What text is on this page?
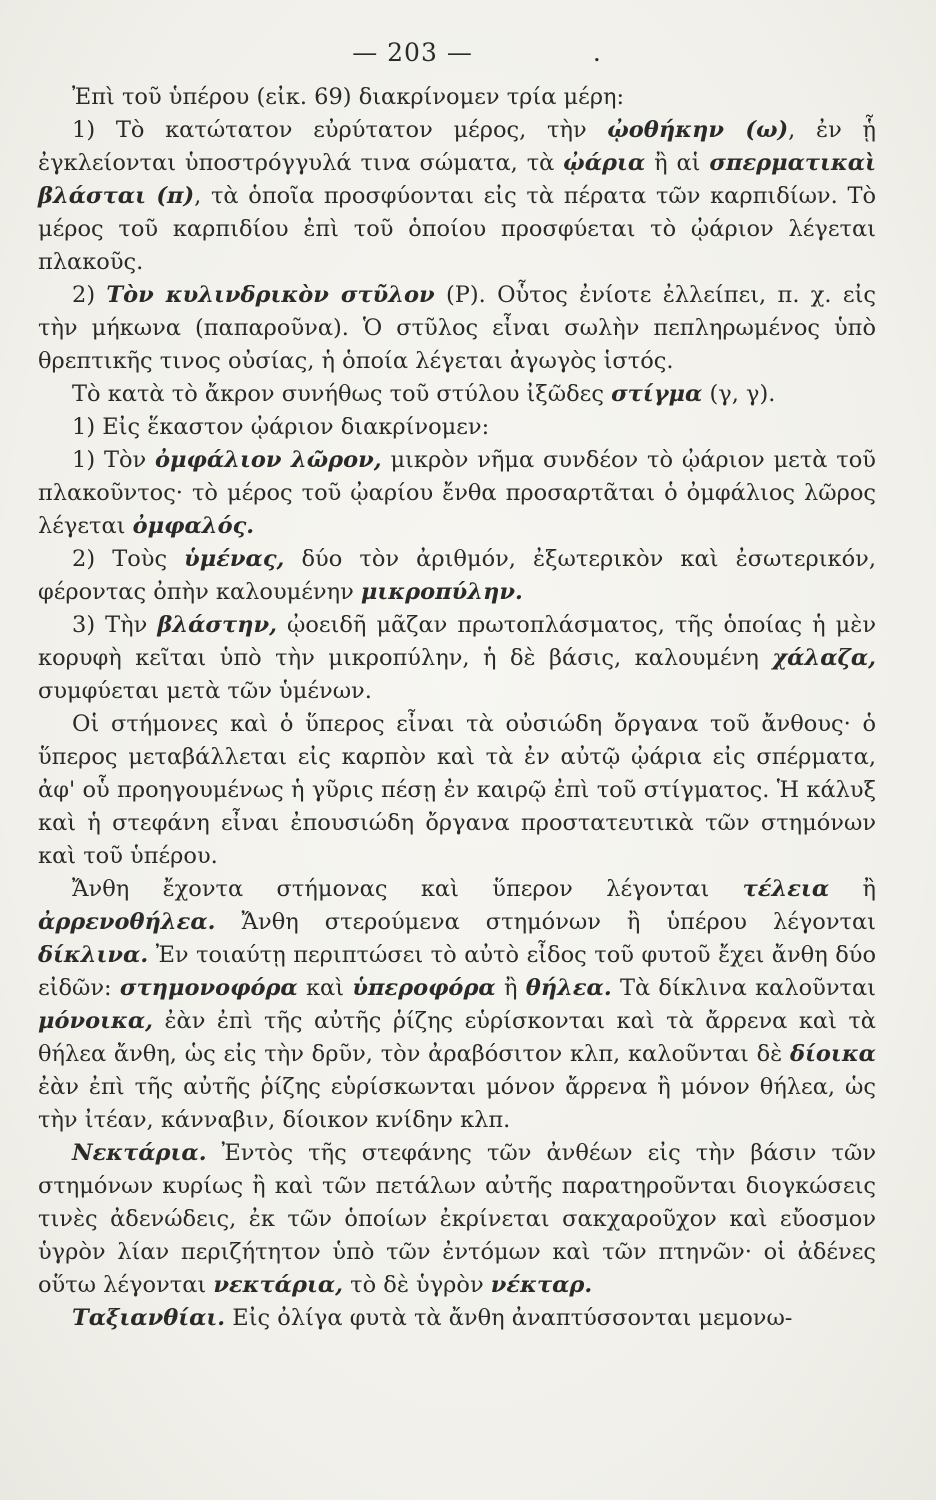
— 203 —	.

Ἐπὶ τοῦ ὑπέρου (εἰκ. 69) διακρίνομεν τρία μέρη:

1) Τὸ κατώτατον εὐρύτατον μέρος, τὴν ᾠοθήκην (ω), ἐν ᾗ ἐγκλείονται ὑποστρόγγυλά τινα σώματα, τὰ ᾠάρια ἢ αἱ σπερματικαὶ βλάσται (π), τὰ ὁποῖα προσφύονται εἰς τὰ πέρατα τῶν καρπιδίων. Τὸ μέρος τοῦ καρπιδίου ἐπὶ τοῦ ὁποίου προσφύεται τὸ ᾠάριον λέγεται πλακοῦς.

2) Τὸν κυλινδρικὸν στῦλον (Ρ). Οὗτος ἐνίοτε ἐλλείπει, π. χ. εἰς τὴν μήκωνα (παπαροῦνα). Ὁ στῦλος εἶναι σωλὴν πεπληρωμένος ὑπὸ θρεπτικῆς τινος οὐσίας, ἡ ὁποία λέγεται ἀγωγὸς ἱστός.

Τὸ κατὰ τὸ ἄκρον συνήθως τοῦ στύλου ἰξῶδες στίγμα (γ, γ).

1) Εἰς ἕκαστον ᾠάριον διακρίνομεν:

1) Τὸν ὀμφάλιον λῶρον, μικρὸν νῆμα συνδέον τὸ ᾠάριον μετὰ τοῦ πλακοῦντος· τὸ μέρος τοῦ ᾠαρίου ἔνθα προσαρτᾶται ὁ ὀμφάλιος λῶρος λέγεται ὀμφαλός.

2) Τοὺς ὑμένας, δύο τὸν ἀριθμόν, ἐξωτερικὸν καὶ ἐσωτερικόν, φέροντας ὀπὴν καλουμένην μικροπύλην.

3) Τὴν βλάστην, ᾠοειδῆ μᾶζαν πρωτοπλάσματος, τῆς ὁποίας ἡ μὲν κορυφὴ κεῖται ὑπὸ τὴν μικροπύλην, ἡ δὲ βάσις, καλουμένη χάλαζα, συμφύεται μετὰ τῶν ὑμένων.

Οἱ στήμονες καὶ ὁ ὕπερος εἶναι τὰ οὐσιώδη ὄργανα τοῦ ἄνθους· ὁ ὕπερος μεταβάλλεται εἰς καρπὸν καὶ τὰ ἐν αὐτῷ ᾠάρια εἰς σπέρματα, ἀφ' οὗ προηγουμένως ἡ γῦρις πέσῃ ἐν καιρῷ ἐπὶ τοῦ στίγματος. Ἡ κάλυξ καὶ ἡ στεφάνη εἶναι ἐπουσιώδη ὄργανα προστατευτικὰ τῶν στημόνων καὶ τοῦ ὑπέρου.

Ἄνθη ἔχοντα στήμονας καὶ ὕπερον λέγονται τέλεια ἢ ἀρρενοθήλεα. Ἄνθη στερούμενα στημόνων ἢ ὑπέρου λέγονται δίκλινα. Ἐν τοιαύτῃ περιπτώσει τὸ αὐτὸ εἶδος τοῦ φυτοῦ ἔχει ἄνθη δύο εἰδῶν: στημονοφόρα καὶ ὑπεροφόρα ἢ θήλεα. Τὰ δίκλινα καλοῦνται μόνοικα, ἐὰν ἐπὶ τῆς αὐτῆς ῥίζης εὑρίσκονται καὶ τὰ ἄρρενα καὶ τὰ θήλεα ἄνθη, ὡς εἰς τὴν δρῦν, τὸν ἀραβόσιτον κλπ, καλοῦνται δὲ δίοικα ἐὰν ἐπὶ τῆς αὐτῆς ῥίζης εὑρίσκωνται μόνον ἄρρενα ἢ μόνον θήλεα, ὡς τὴν ἰτέαν, κάνναβιν, δίοικον κνίδην κλπ.

Νεκτάρια. Ἐντὸς τῆς στεφάνης τῶν ἀνθέων εἰς τὴν βάσιν τῶν στημόνων κυρίως ἢ καὶ τῶν πετάλων αὐτῆς παρατηροῦνται διογκώσεις τινὲς ἀδενώδεις, ἐκ τῶν ὁποίων ἐκρίνεται σακχαροῦχον καὶ εὔοσμον ὑγρὸν λίαν περιζήτητον ὑπὸ τῶν ἐντόμων καὶ τῶν πτηνῶν· οἱ ἀδένες οὕτω λέγονται νεκτάρια, τὸ δὲ ὑγρὸν νέκταρ.

Ταξιανθίαι. Εἰς ὀλίγα φυτὰ τὰ ἄνθη ἀναπτύσσονται μεμονω-
